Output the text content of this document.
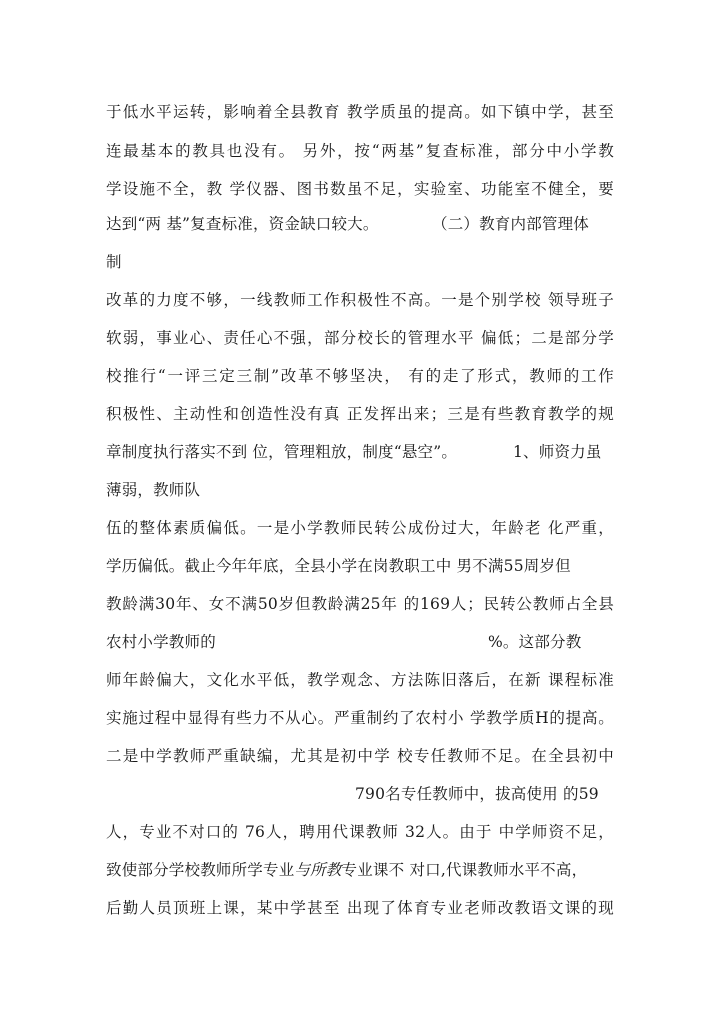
于低水平运转，影响着全县教育 教学质虽的提高。如下镇中学，甚至
连最基本的教具也没有。 另外，按“两基”复查标准，部分中小学教
学设施不全，教 学仪器、图书数虽不足，实验室、功能室不健全，要
达到“两 基”复查标准，资金缺口较大。	（二）教育内部管理体
制
改革的力度不够，一线教师工作积极性不高。一是个别学校 领导班子
软弱，事业心、责任心不强，部分校长的管理水平 偏低；二是部分学
校推行“一评三定三制”改革不够坚决， 有的走了形式，教师的工作
积极性、主动性和创造性没有真 正发挥出来；三是有些教育教学的规
章制度执行落实不到 位，管理粗放，制度“悬空”。	1、师资力虽
薄弱，教师队
伍的整体素质偏低。一是小学教师民转公成份过大，年龄老 化严重，
学历偏低。截止今年年底，全县小学在岗教职工中 男不满55周岁但
教龄满30年、女不满50岁但教龄满25年 的169人；民转公教师占全县
农村小学教师的	%。这部分教
师年龄偏大，文化水平低，教学观念、方法陈旧落后，在新 课程标准
实施过程中显得有些力不从心。严重制约了农村小 学教学质H的提高。
二是中学教师严重缺编，尤其是初中学 校专任教师不足。在全县初中
790名专任教师中，拔高使用 的59
人，专业不对口的 76人，聘用代课教师 32人。由于 中学师资不足，
致使部分学校教师所学专业与所教专业课不 对口,代课教师水平不高，
后勤人员顶班上课，某中学甚至 出现了体育专业老师改教语文课的现
